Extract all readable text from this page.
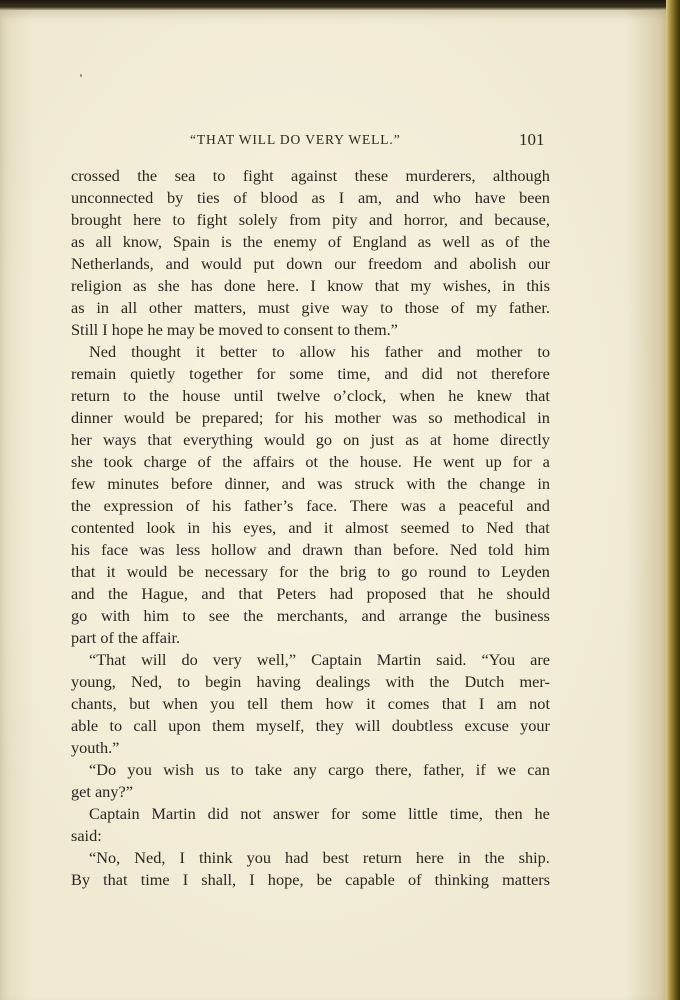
“THAT WILL DO VERY WELL.”	101
crossed the sea to fight against these murderers, although
unconnected by ties of blood as I am, and who have been
brought here to fight solely from pity and horror, and because,
as all know, Spain is the enemy of England as well as of the
Netherlands, and would put down our freedom and abolish our
religion as she has done here. I know that my wishes, in this
as in all other matters, must give way to those of my father.
Still I hope he may be moved to consent to them.”
Ned thought it better to allow his father and mother to
remain quietly together for some time, and did not therefore
return to the house until twelve o’clock, when he knew that
dinner would be prepared; for his mother was so methodical in
her ways that everything would go on just as at home directly
she took charge of the affairs ot the house. He went up for a
few minutes before dinner, and was struck with the change in
the expression of his father’s face. There was a peaceful and
contented look in his eyes, and it almost seemed to Ned that
his face was less hollow and drawn than before. Ned told him
that it would be necessary for the brig to go round to Leyden
and the Hague, and that Peters had proposed that he should
go with him to see the merchants, and arrange the business
part of the affair.
“That will do very well,” Captain Martin said. “You are
young, Ned, to begin having dealings with the Dutch mer-
chants, but when you tell them how it comes that I am not
able to call upon them myself, they will doubtless excuse your
youth.”
“Do you wish us to take any cargo there, father, if we can
get any?”
Captain Martin did not answer for some little time, then he
said:
“No, Ned, I think you had best return here in the ship.
By that time I shall, I hope, be capable of thinking matters
